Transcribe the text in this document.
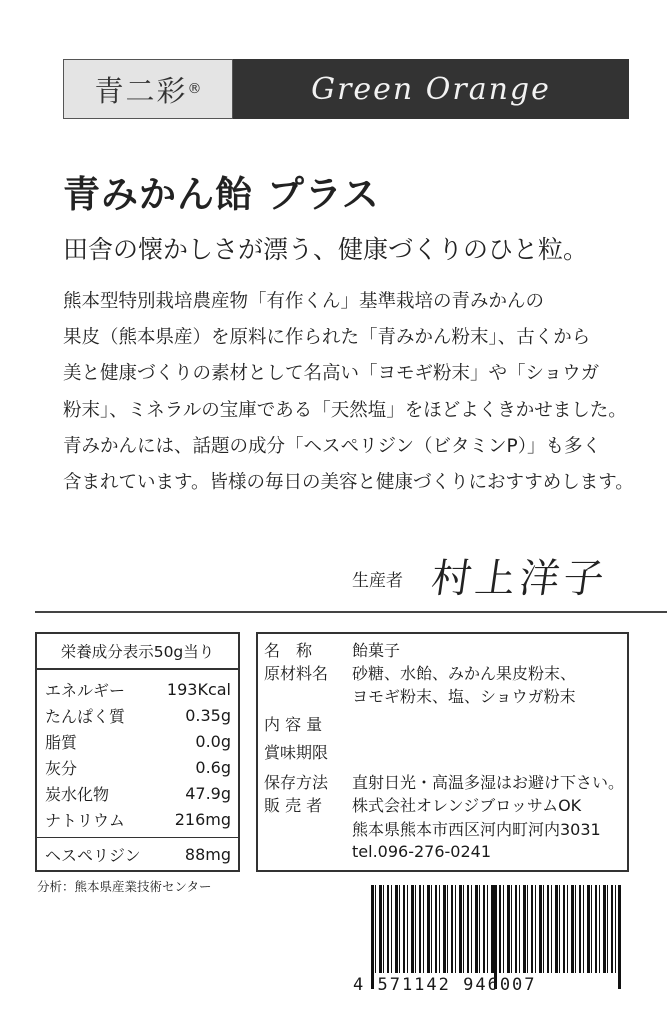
青二彩 ®	Green Orange
青みかん飴 プラス
田舎の懐かしさが漂う、健康づくりのひと粒。
熊本型特別栽培農産物「有作くん」基準栽培の青みかんの
果皮（熊本県産）を原料に作られた「青みかん粉末」、古くから
美と健康づくりの素材として名高い「ヨモギ粉末」や「ショウガ
粉末」、ミネラルの宝庫である「天然塩」をほどよくきかせました。
青みかんには、話題の成分「ヘスペリジン（ビタミンP）」も多く
含まれています。皆様の毎日の美容と健康づくりにおすすめします。
生産者 村上洋子
栄養成分表示50g当り
エネルギー	193Kcal
たんぱく質	0.35g
脂質	0.0g
灰分	0.6g
炭水化物	47.9g
ナトリウム	216mg
ヘスペリジン	88mg
分析：熊本県産業技術センター
名　称	飴菓子
原材料名	砂糖、水飴、みかん果皮粉末、
ヨモギ粉末、塩、ショウガ粉末
内 容 量
賞味期限
保存方法	直射日光・高温多湿はお避け下さい。
販 売 者	株式会社オレンジブロッサムOK
熊本県熊本市西区河内町河内3031
tel.096-276-0241
4 571142 946007
